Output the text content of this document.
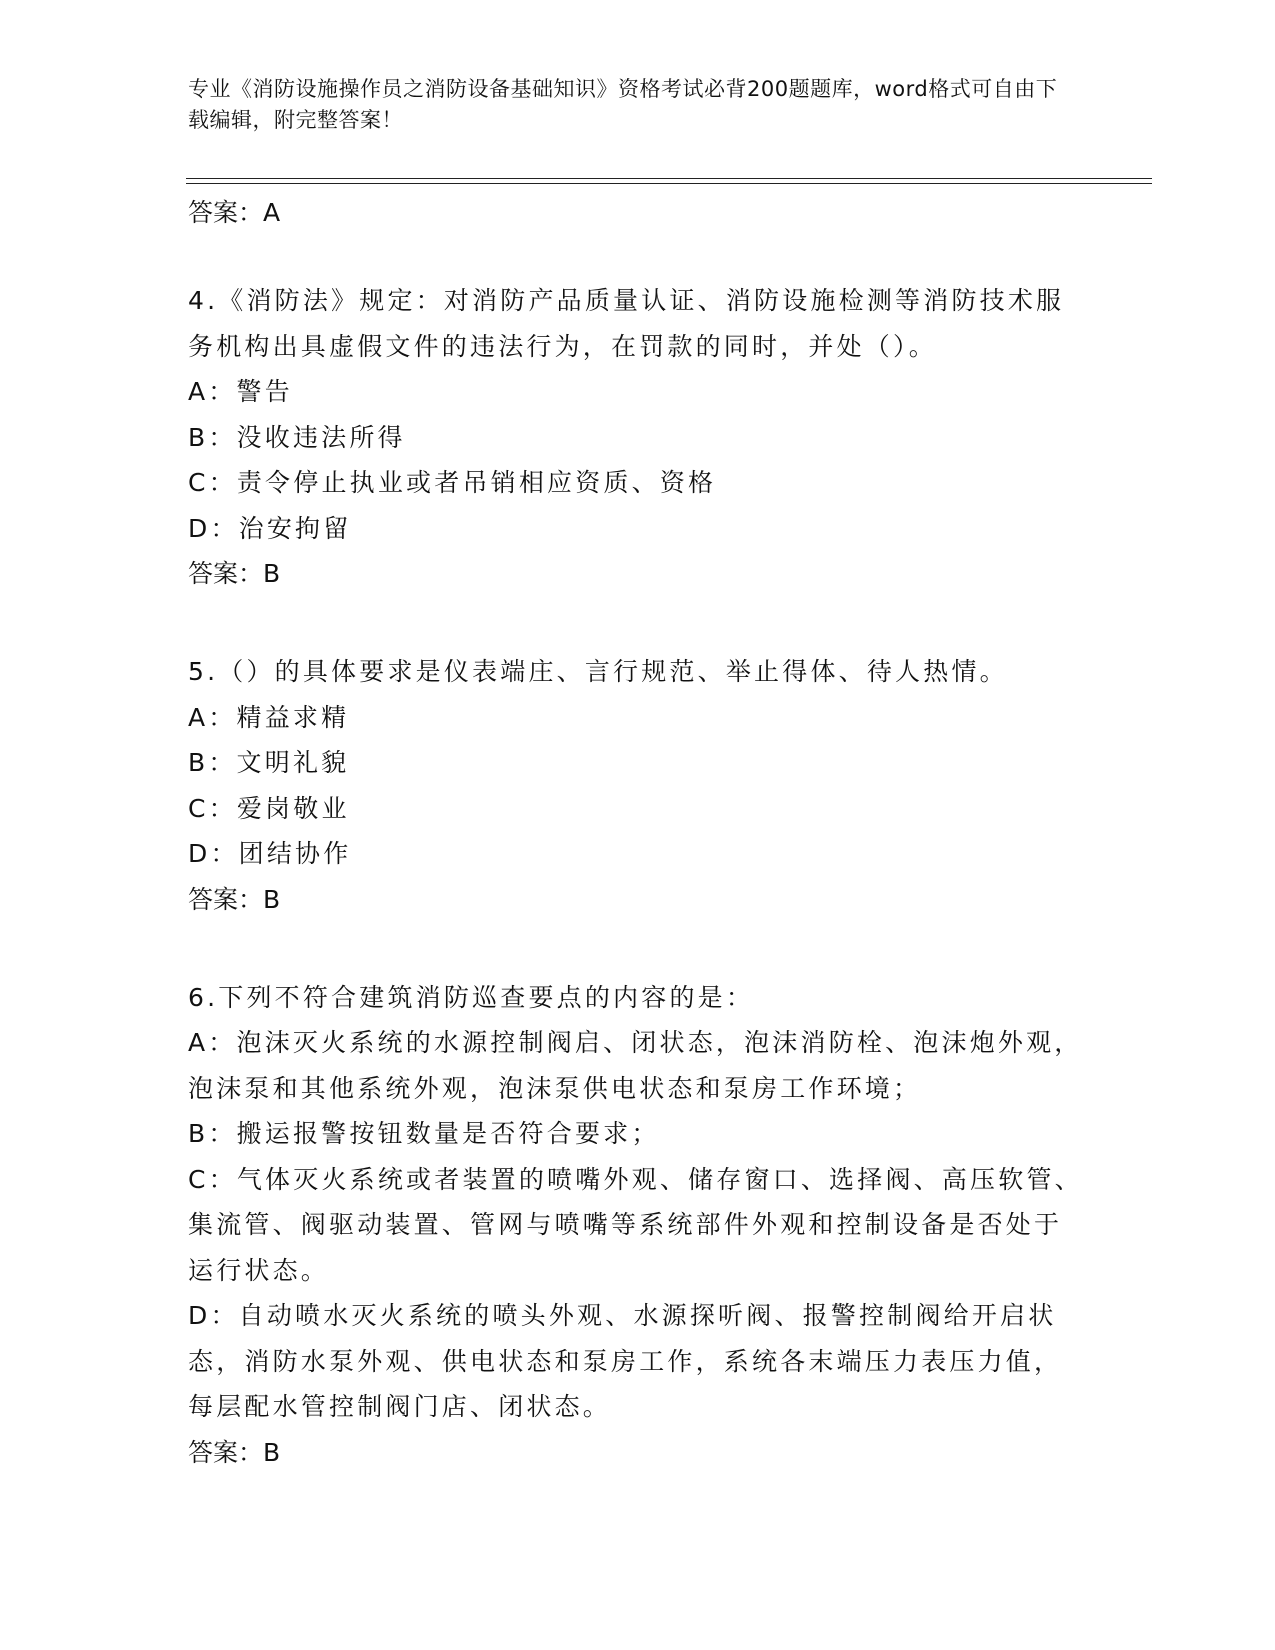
专业《消防设施操作员之消防设备基础知识》资格考试必背200题题库，word格式可自由下载编辑，附完整答案！
答案：A
4.《消防法》规定：对消防产品质量认证、消防设施检测等消防技术服务机构出具虚假文件的违法行为，在罚款的同时，并处（）。
A：警告
B：没收违法所得
C：责令停止执业或者吊销相应资质、资格
D：治安拘留
答案：B
5.（）的具体要求是仪表端庄、言行规范、举止得体、待人热情。
A：精益求精
B：文明礼貌
C：爱岗敬业
D：团结协作
答案：B
6.下列不符合建筑消防巡查要点的内容的是：
A：泡沫灭火系统的水源控制阀启、闭状态，泡沫消防栓、泡沫炮外观，泡沫泵和其他系统外观，泡沫泵供电状态和泵房工作环境；
B：搬运报警按钮数量是否符合要求；
C：气体灭火系统或者装置的喷嘴外观、储存窗口、选择阀、高压软管、集流管、阀驱动装置、管网与喷嘴等系统部件外观和控制设备是否处于运行状态。
D：自动喷水灭火系统的喷头外观、水源探听阀、报警控制阀给开启状态，消防水泵外观、供电状态和泵房工作，系统各末端压力表压力值，每层配水管控制阀门店、闭状态。
答案：B
